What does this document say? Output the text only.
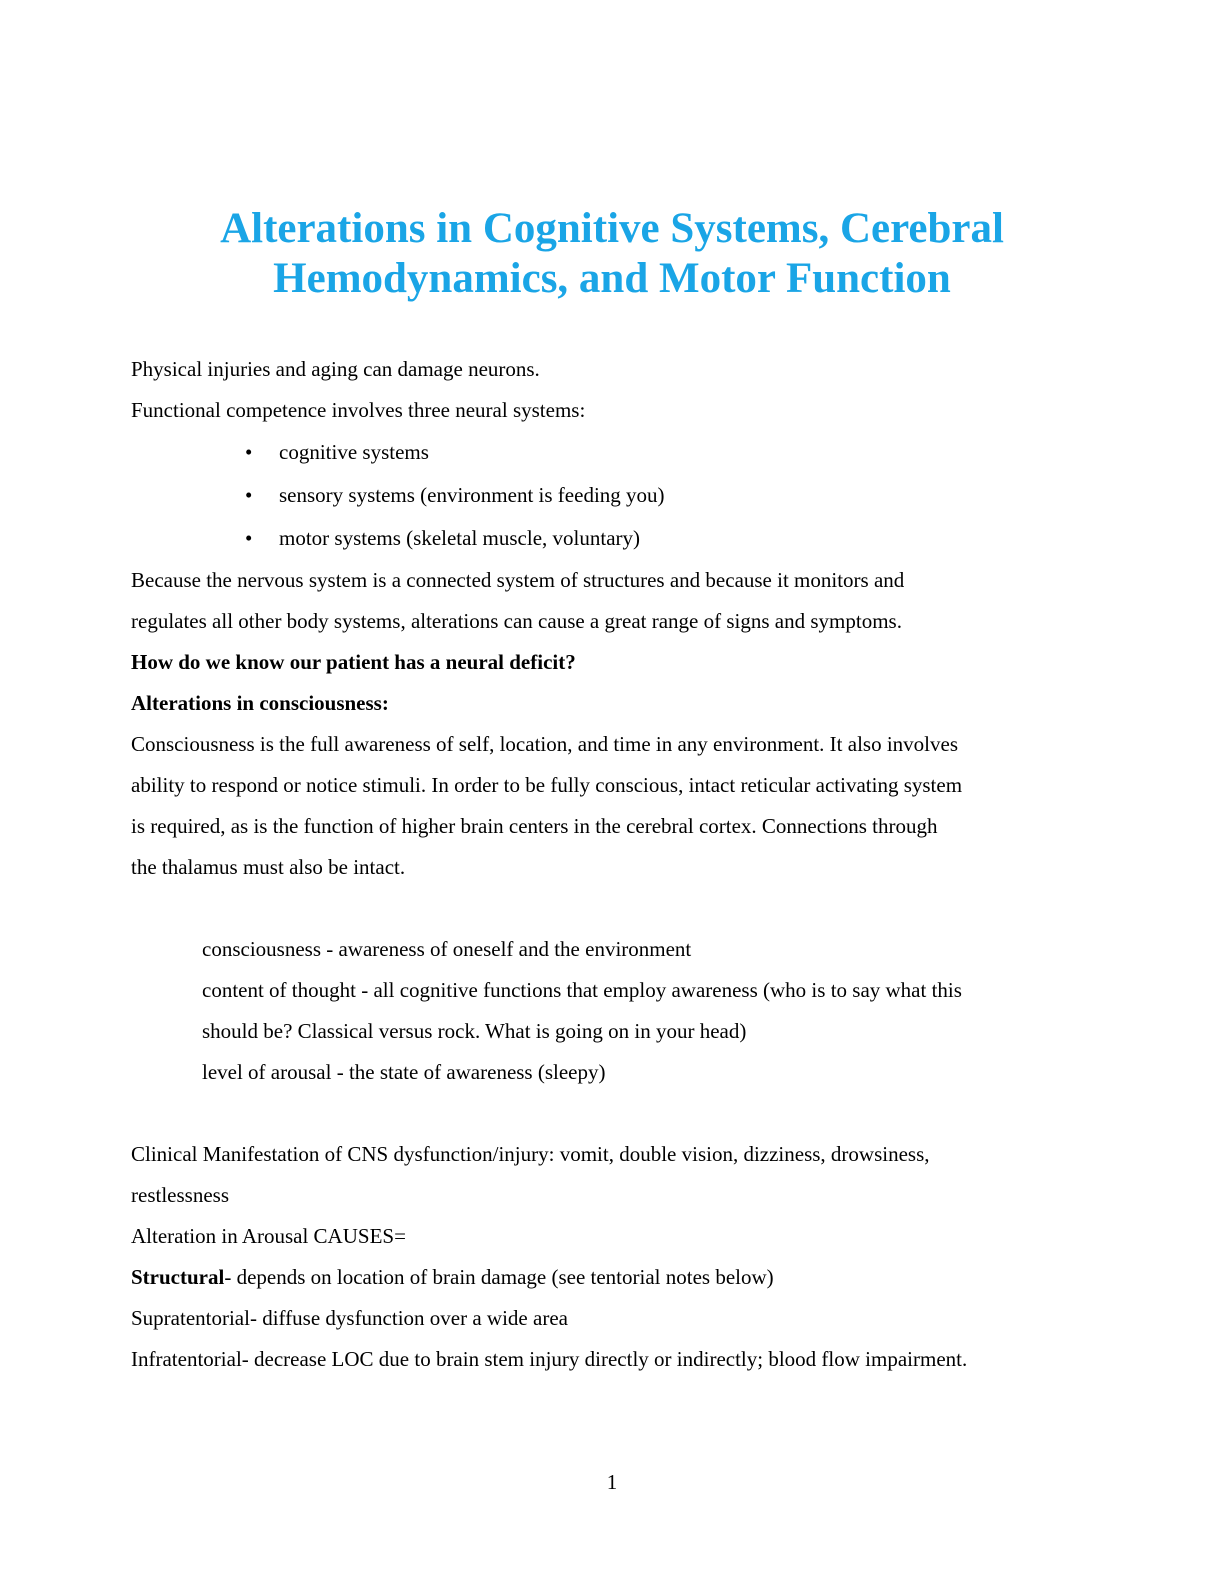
Alterations in Cognitive Systems, Cerebral
Hemodynamics, and Motor Function
Physical injuries and aging can damage neurons.
Functional competence involves three neural systems:
• cognitive systems
• sensory systems (environment is feeding you)
• motor systems (skeletal muscle, voluntary)
Because the nervous system is a connected system of structures and because it monitors and
regulates all other body systems, alterations can cause a great range of signs and symptoms.
How do we know our patient has a neural deficit?
Alterations in consciousness:
Consciousness is the full awareness of self, location, and time in any environment. It also involves
ability to respond or notice stimuli. In order to be fully conscious, intact reticular activating system
is required, as is the function of higher brain centers in the cerebral cortex. Connections through
the thalamus must also be intact.
consciousness - awareness of oneself and the environment
content of thought - all cognitive functions that employ awareness (who is to say what this
should be? Classical versus rock. What is going on in your head)
level of arousal - the state of awareness (sleepy)
Clinical Manifestation of CNS dysfunction/injury: vomit, double vision, dizziness, drowsiness,
restlessness
Alteration in Arousal CAUSES=
Structural- depends on location of brain damage (see tentorial notes below)
Supratentorial- diffuse dysfunction over a wide area
Infratentorial- decrease LOC due to brain stem injury directly or indirectly; blood flow impairment.
1
